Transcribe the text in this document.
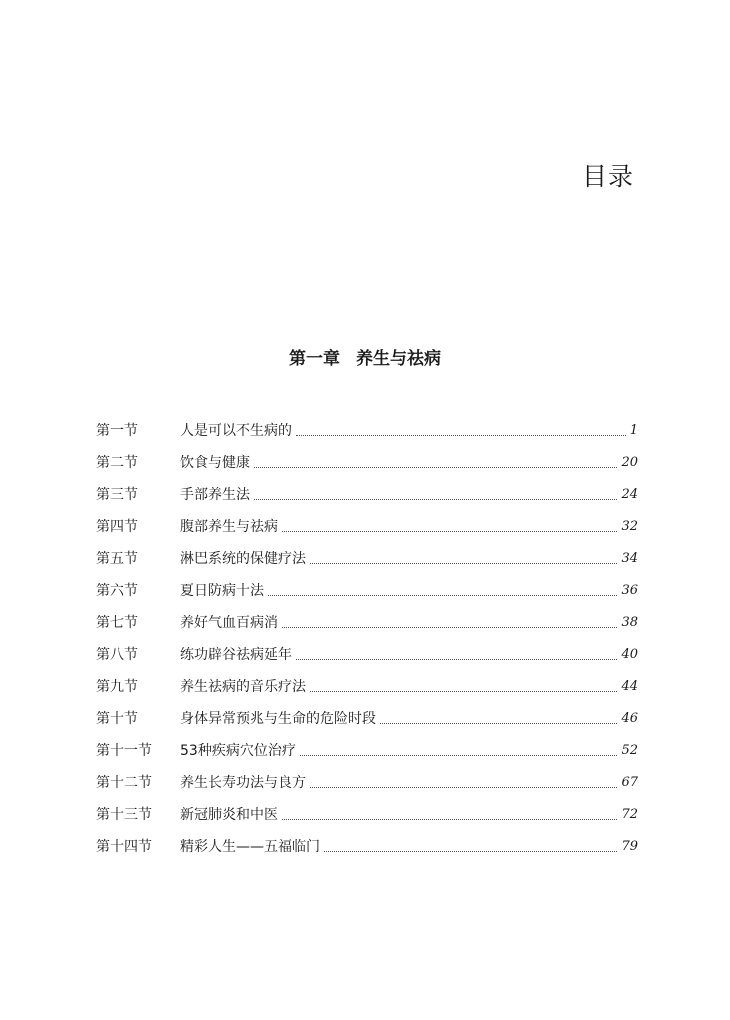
目录
第一章 养生与祛病
第一节	人是可以不生病的	1
第二节	饮食与健康	20
第三节	手部养生法	24
第四节	腹部养生与祛病	32
第五节	淋巴系统的保健疗法	34
第六节	夏日防病十法	36
第七节	养好气血百病消	38
第八节	练功辟谷祛病延年	40
第九节	养生祛病的音乐疗法	44
第十节	身体异常预兆与生命的危险时段	46
第十一节	53种疾病穴位治疗	52
第十二节	养生长寿功法与良方	67
第十三节	新冠肺炎和中医	72
第十四节	精彩人生——五福临门	79
